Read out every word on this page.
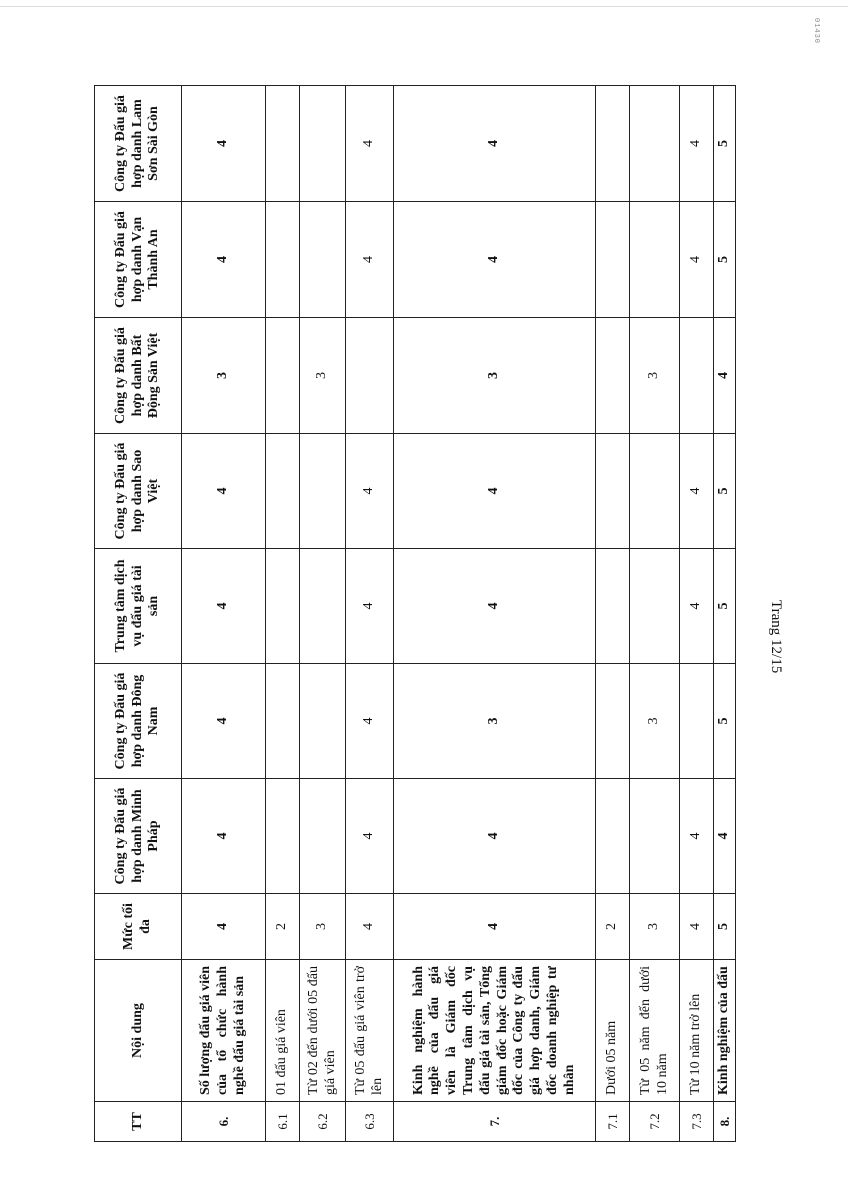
01430
TT	Nội dung	Mức tối đa	Công ty Đấu giá hợp danh Minh Pháp	Công ty Đấu giá hợp danh Đông Nam	Trung tâm dịch vụ đấu giá tài sản	Công ty Đấu giá hợp danh Sao Việt	Công ty Đấu giá hợp danh Bất Động Sản Việt	Công ty Đấu giá hợp danh Vạn Thành An	Công ty Đấu giá hợp danh Lam Sơn Sài Gòn
6.	Số lượng đấu giá viên của tổ chức hành nghề đấu giá tài sản	4	4	4	4	4	3	4	4
6.1	01 đấu giá viên	2							
6.2	Từ 02 đến dưới 05 đấu giá viên	3					3		
6.3	Từ 05 đấu giá viên trở lên	4	4	4	4	4		4	4
7.	Kinh nghiệm hành nghề của đấu giá viên là Giám đốc Trung tâm dịch vụ đấu giá tài sản, Tổng giám đốc hoặc Giám đốc của Công ty đấu giá hợp danh, Giám đốc doanh nghiệp tư nhân	4	4	3	4	4	3	4	4
7.1	Dưới 05 năm	2							
7.2	Từ 05 năm đến dưới 10 năm	3		3			3		
7.3	Từ 10 năm trở lên	4	4		4	4		4	4
8.	Kinh nghiệm của đấu	5	4	5	5	5	4	5	5
Trang 12/15
